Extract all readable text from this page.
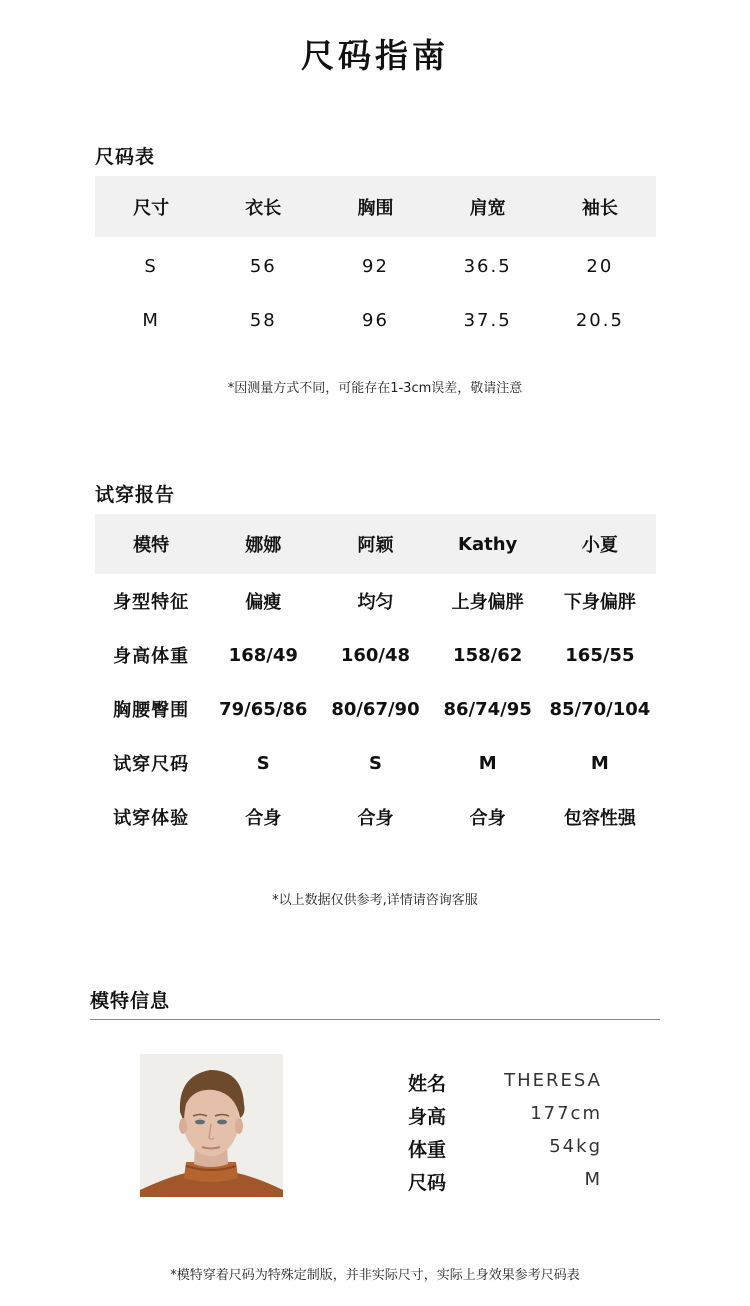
尺码指南
尺码表
尺寸	衣长	胸围	肩宽	袖长
S	56	92	36.5	20
M	58	96	37.5	20.5
*因测量方式不同，可能存在1-3cm误差，敬请注意
试穿报告
模特	娜娜	阿颖	Kathy	小夏
身型特征	偏瘦	均匀	上身偏胖	下身偏胖
身高体重	168/49	160/48	158/62	165/55
胸腰臀围	79/65/86	80/67/90	86/74/95	85/70/104
试穿尺码	S	S	M	M
试穿体验	合身	合身	合身	包容性强
*以上数据仅供参考,详情请咨询客服
模特信息
姓名	THERESA
身高	177cm
体重	54kg
尺码	M
*模特穿着尺码为特殊定制版，并非实际尺寸，实际上身效果参考尺码表
